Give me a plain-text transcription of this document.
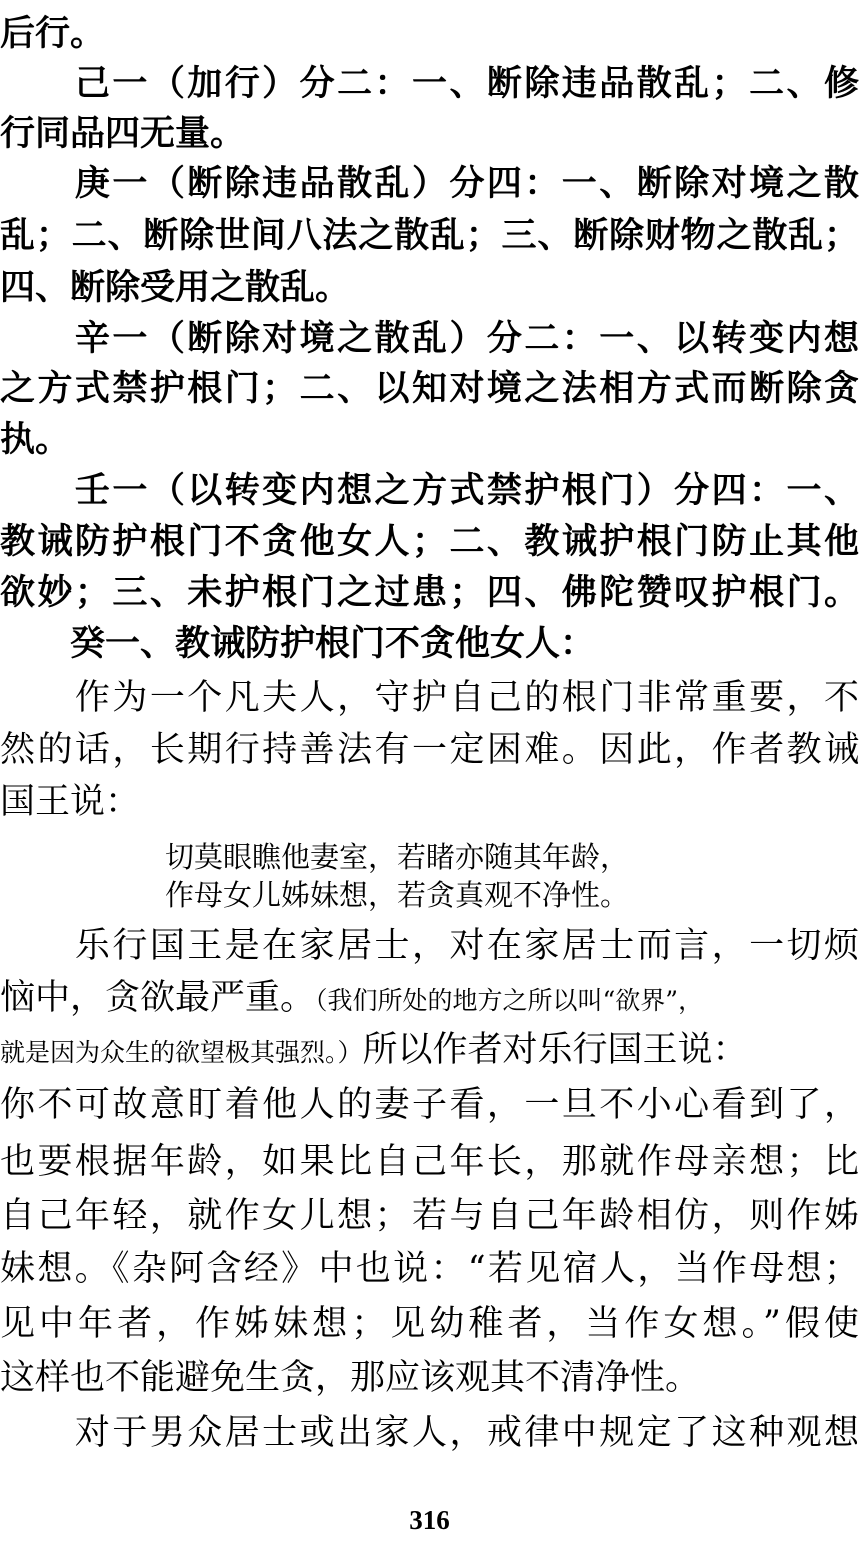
后行。
　　己一（加行）分二：一、断除违品散乱；二、修
行同品四无量。
　　庚一（断除违品散乱）分四：一、断除对境之散
乱；二、断除世间八法之散乱；三、断除财物之散乱；
四、断除受用之散乱。
　　辛一（断除对境之散乱）分二：一、以转变内想
之方式禁护根门；二、以知对境之法相方式而断除贪
执。
　　壬一（以转变内想之方式禁护根门）分四：一、
教诫防护根门不贪他女人；二、教诫护根门防止其他
欲妙；三、未护根门之过患；四、佛陀赞叹护根门。
　　癸一、教诫防护根门不贪他女人：
　　作为一个凡夫人，守护自己的根门非常重要，不
然的话，长期行持善法有一定困难。因此，作者教诫
国王说：
切莫眼瞧他妻室，若睹亦随其年龄，
作母女儿姊妹想，若贪真观不净性。
　　乐行国王是在家居士，对在家居士而言，一切烦
恼中，贪欲最严重。（我们所处的地方之所以叫“欲界”，
就是因为众生的欲望极其强烈。）所以作者对乐行国王说：
你不可故意盯着他人的妻子看，一旦不小心看到了，
也要根据年龄，如果比自己年长，那就作母亲想；比
自己年轻，就作女儿想；若与自己年龄相仿，则作姊
妹想。《杂阿含经》中也说：“若见宿人，当作母想；
见中年者，作姊妹想；见幼稚者，当作女想。”假使
这样也不能避免生贪，那应该观其不清净性。
　　对于男众居士或出家人，戒律中规定了这种观想
316
